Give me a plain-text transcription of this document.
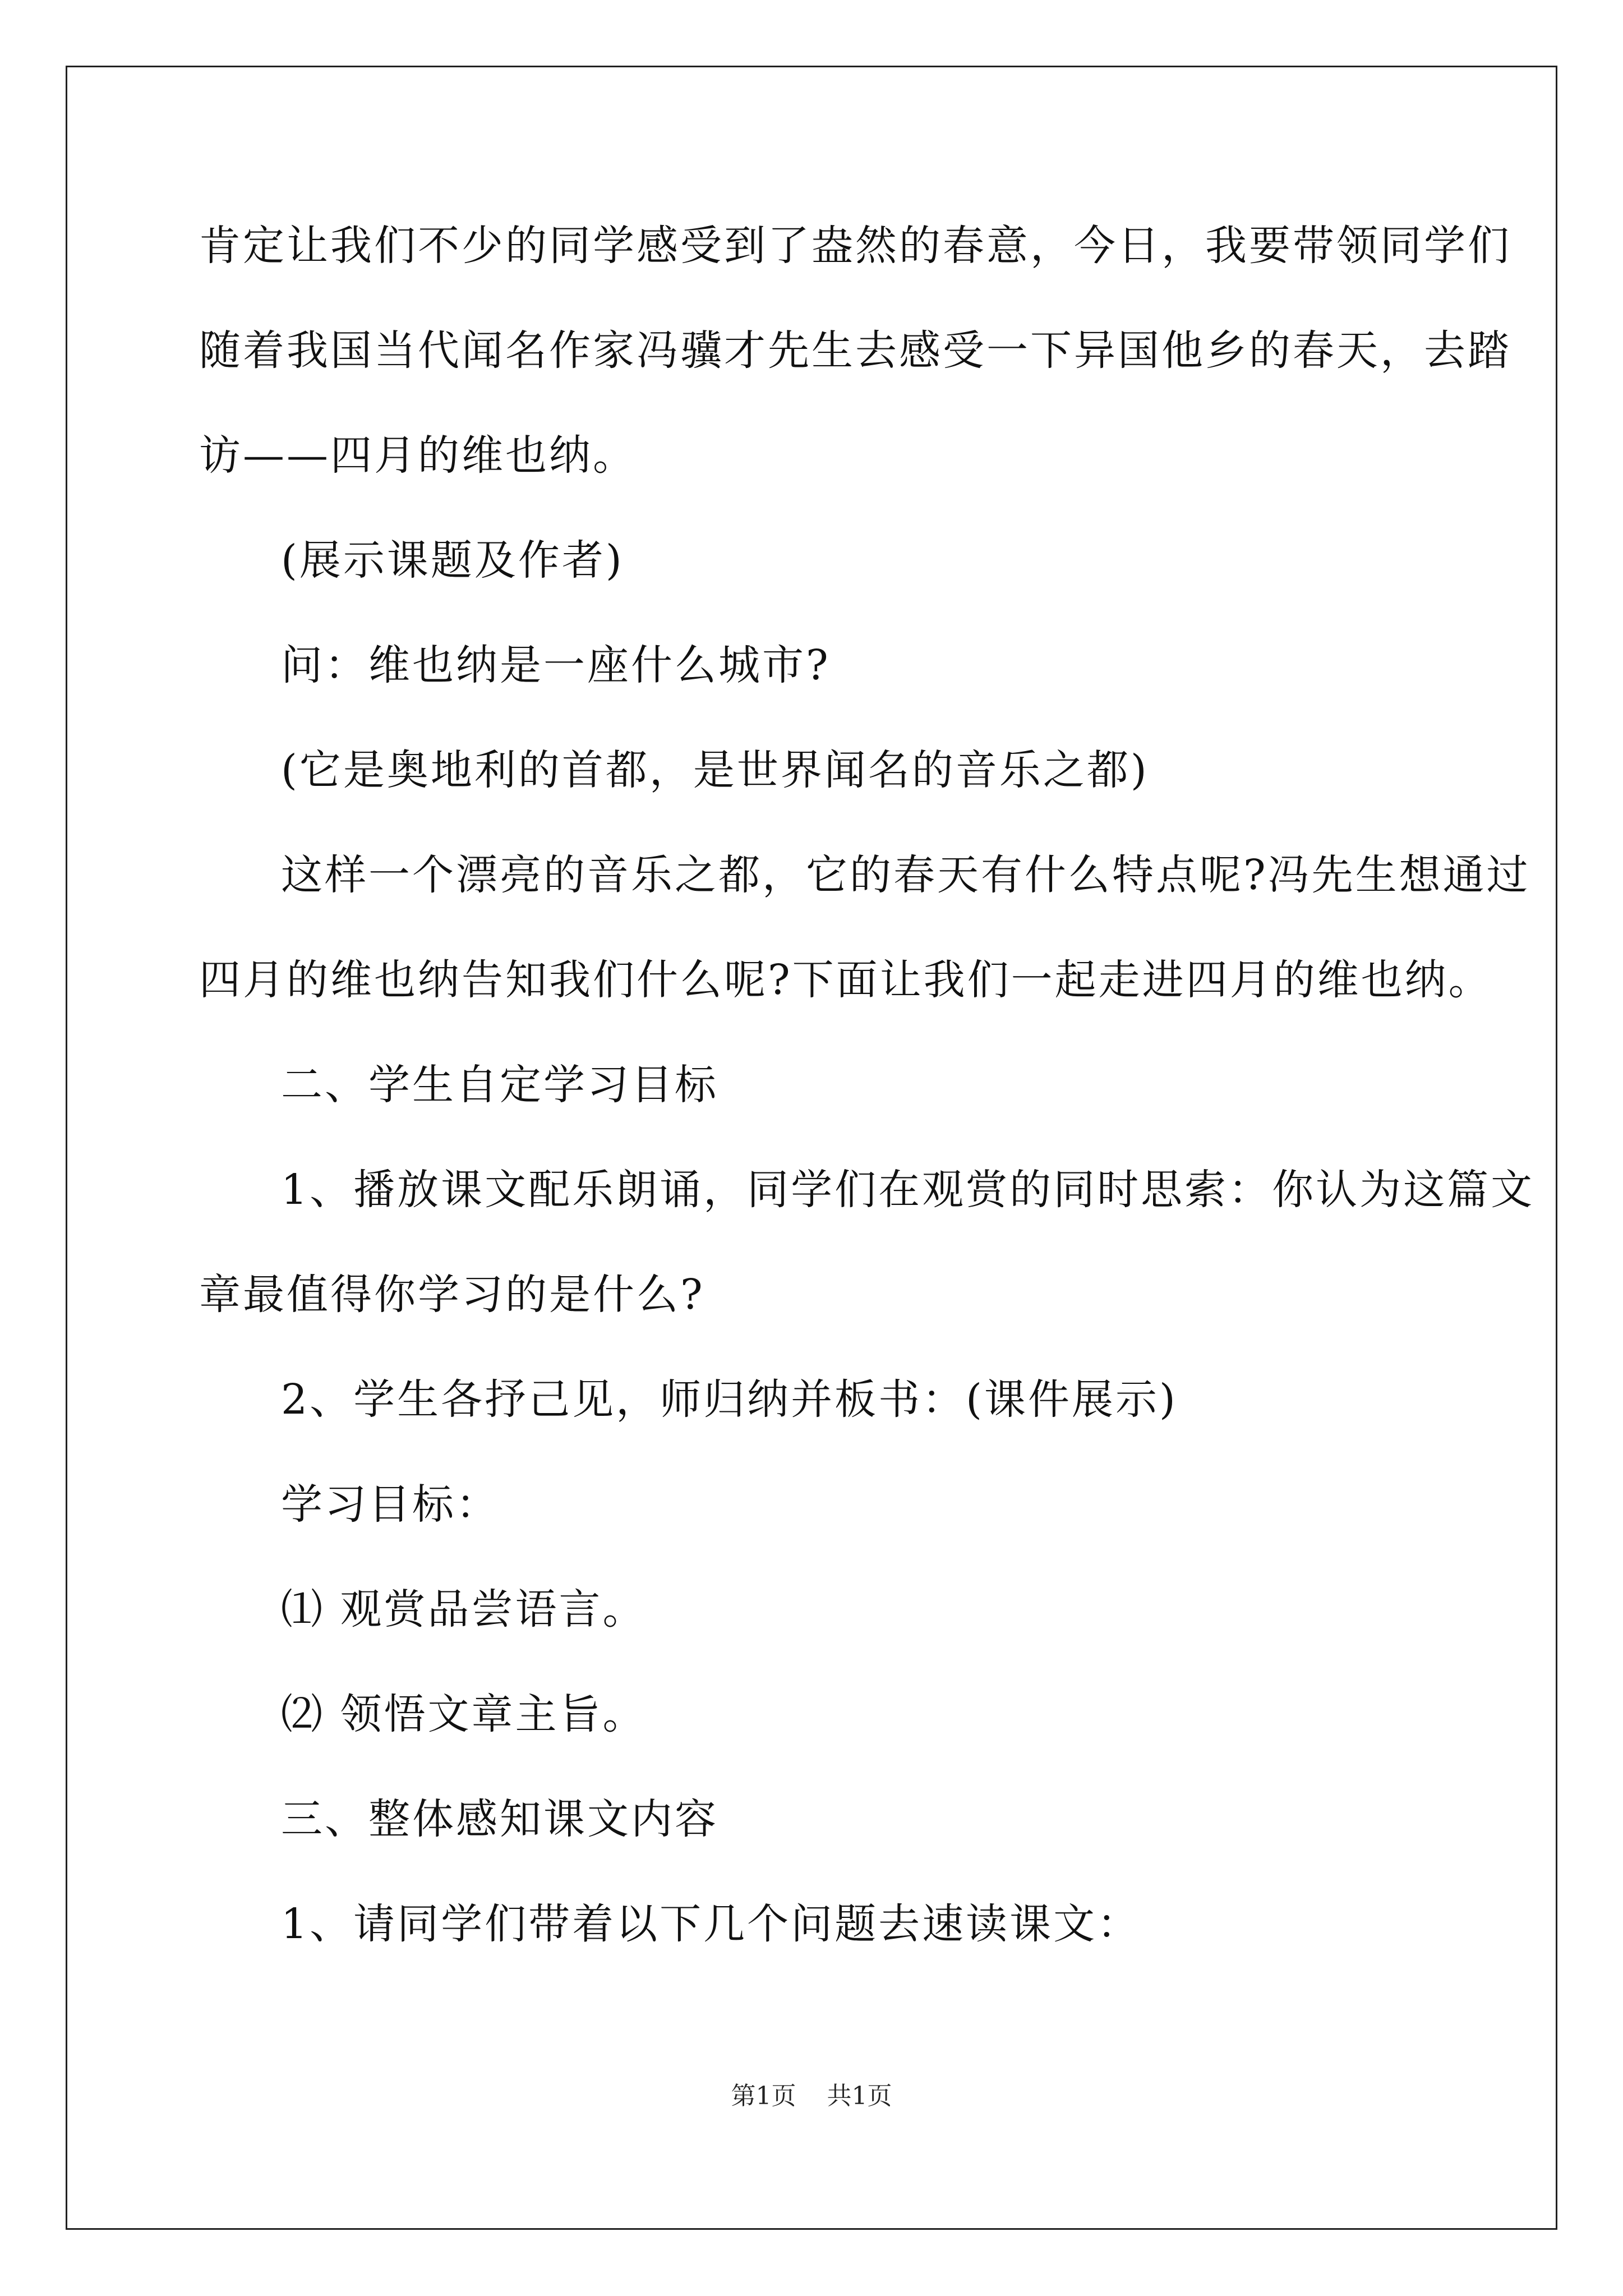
肯定让我们不少的同学感受到了盎然的春意，今日，我要带领同学们
随着我国当代闻名作家冯骥才先生去感受一下异国他乡的春天，去踏
访——四月的维也纳。
(展示课题及作者)
问：维也纳是一座什么城市?
(它是奥地利的首都，是世界闻名的音乐之都)
这样一个漂亮的音乐之都，它的春天有什么特点呢?冯先生想通过
四月的维也纳告知我们什么呢?下面让我们一起走进四月的维也纳。
二、学生自定学习目标
1、播放课文配乐朗诵，同学们在观赏的同时思索：你认为这篇文
章最值得你学习的是什么?
2、学生各抒己见，师归纳并板书：(课件展示)
学习目标：
⑴ 观赏品尝语言。
⑵ 领悟文章主旨。
三、整体感知课文内容
1、请同学们带着以下几个问题去速读课文：
第1页 共1页
